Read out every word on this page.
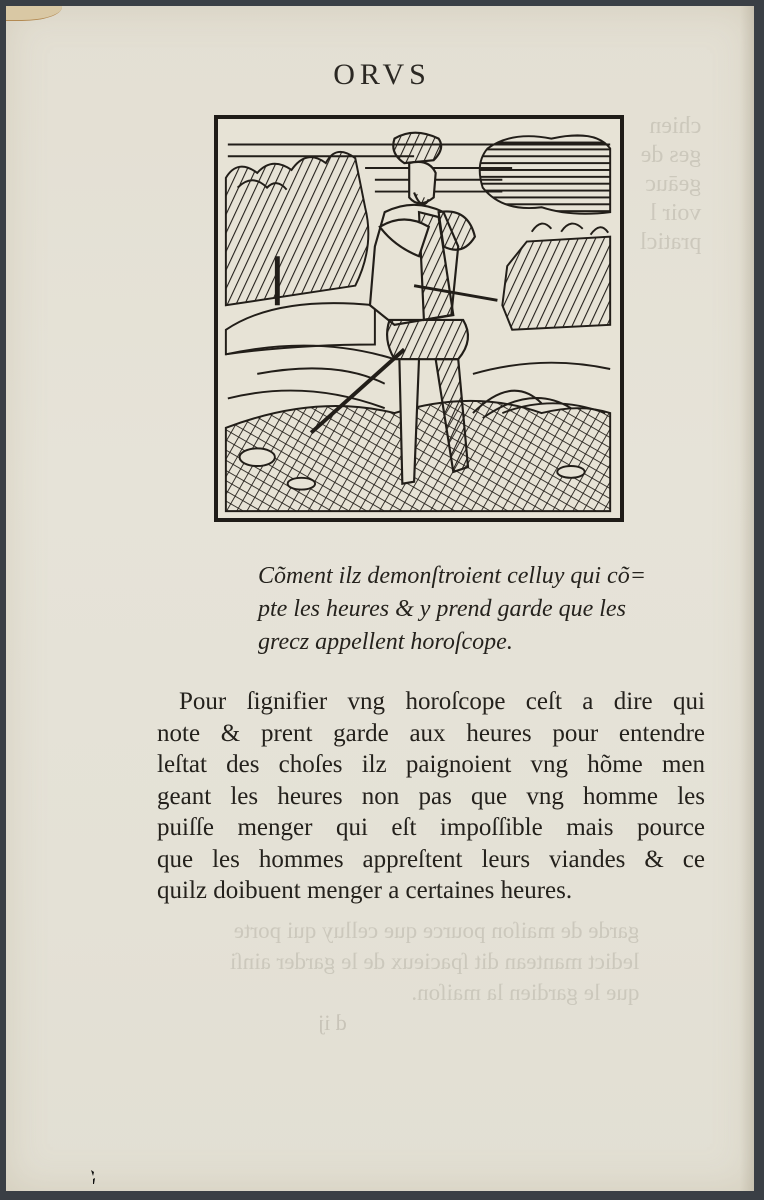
chien
ges de
geāuc
voir l
praticl
garde de maiſon pource que celluy qui porte
ledict mantean dit ſpacieux de le garder ainſi
que le gardien la maiſon.
d ij
ORVS
Cõment ilz demonſtroient celluy qui cõ=
pte les heures & y prend garde que les
grecz appellent horoſcope.
Pour ſignifier vng horoſcope ceſt a dire qui
note & prent garde aux heures pour entendre
leſtat des choſes ilz paignoient vng hõme men
geant les heures non pas que vng homme les
puiſſe menger qui eſt impoſſible mais pource
que les hommes appreſtent leurs viandes & ce
quilz doibuent menger a certaines heures.
